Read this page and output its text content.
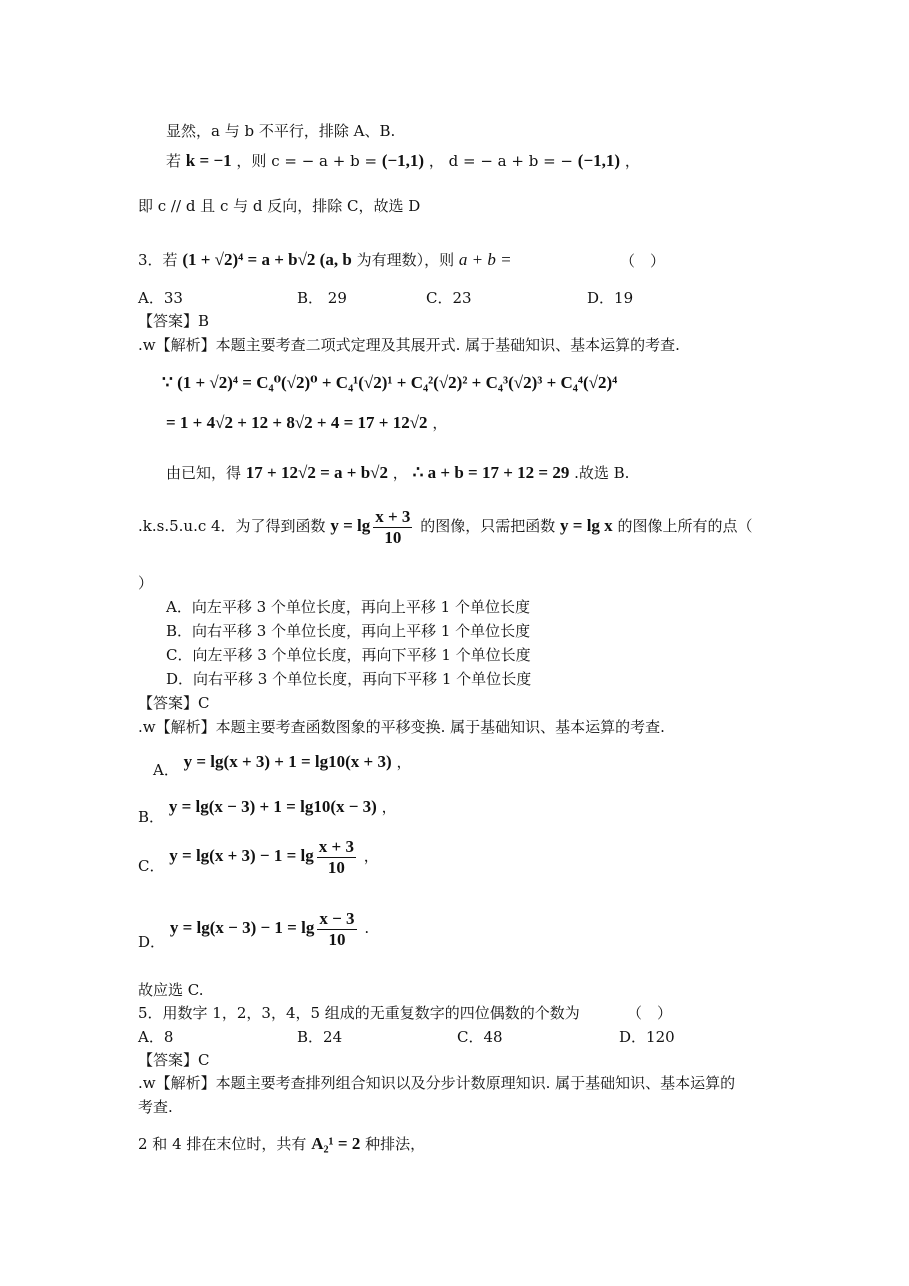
显然，a 与 b 不平行，排除 A、B.
若 k = −1 ，则 c = − a + b = (−1,1) ， d = − a + b = − (−1,1) ，
即 c // d 且 c 与 d 反向，排除 C，故选 D
3．若 (1 + √2)⁴ = a + b√2 (a, b 为有理数），则 a + b =	（　）
A．33	B． 29	C．23	D．19
【答案】B
.w【解析】本题主要考查二项式定理及其展开式. 属于基础知识、基本运算的考查.
∵ (1 + √2)⁴ = C₄⁰(√2)⁰ + C₄¹(√2)¹ + C₄²(√2)² + C₄³(√2)³ + C₄⁴(√2)⁴
= 1 + 4√2 + 12 + 8√2 + 4 = 17 + 12√2 ，
由已知，得 17 + 12√2 = a + b√2 ， ∴ a + b = 17 + 12 = 29 .故选 B.
.k.s.5.u.c 4．为了得到函数 $y = \lg \frac{x + 3}{10}$ 的图像，只需把函数 y = lg x 的图像上所有的点（
）
A．向左平移 3 个单位长度，再向上平移 1 个单位长度
B．向右平移 3 个单位长度，再向上平移 1 个单位长度
C．向左平移 3 个单位长度，再向下平移 1 个单位长度
D．向右平移 3 个单位长度，再向下平移 1 个单位长度
【答案】C
.w【解析】本题主要考查函数图象的平移变换. 属于基础知识、基本运算的考查.
A． y = lg(x + 3) + 1 = lg10(x + 3) ，
B． y = lg(x − 3) + 1 = lg10(x − 3) ，
C． $y = \lg(x + 3) - 1 = \lg \frac{x + 3}{10}$ ，
D． $y = \lg(x - 3) - 1 = \lg \frac{x - 3}{10}$ .
故应选 C.
5．用数字 1，2，3，4，5 组成的无重复数字的四位偶数的个数为	（　）
A．8	B．24	C．48	D．120
【答案】C
.w【解析】本题主要考查排列组合知识以及分步计数原理知识. 属于基础知识、基本运算的
考查.
2 和 4 排在末位时，共有 A₂¹ = 2 种排法，
